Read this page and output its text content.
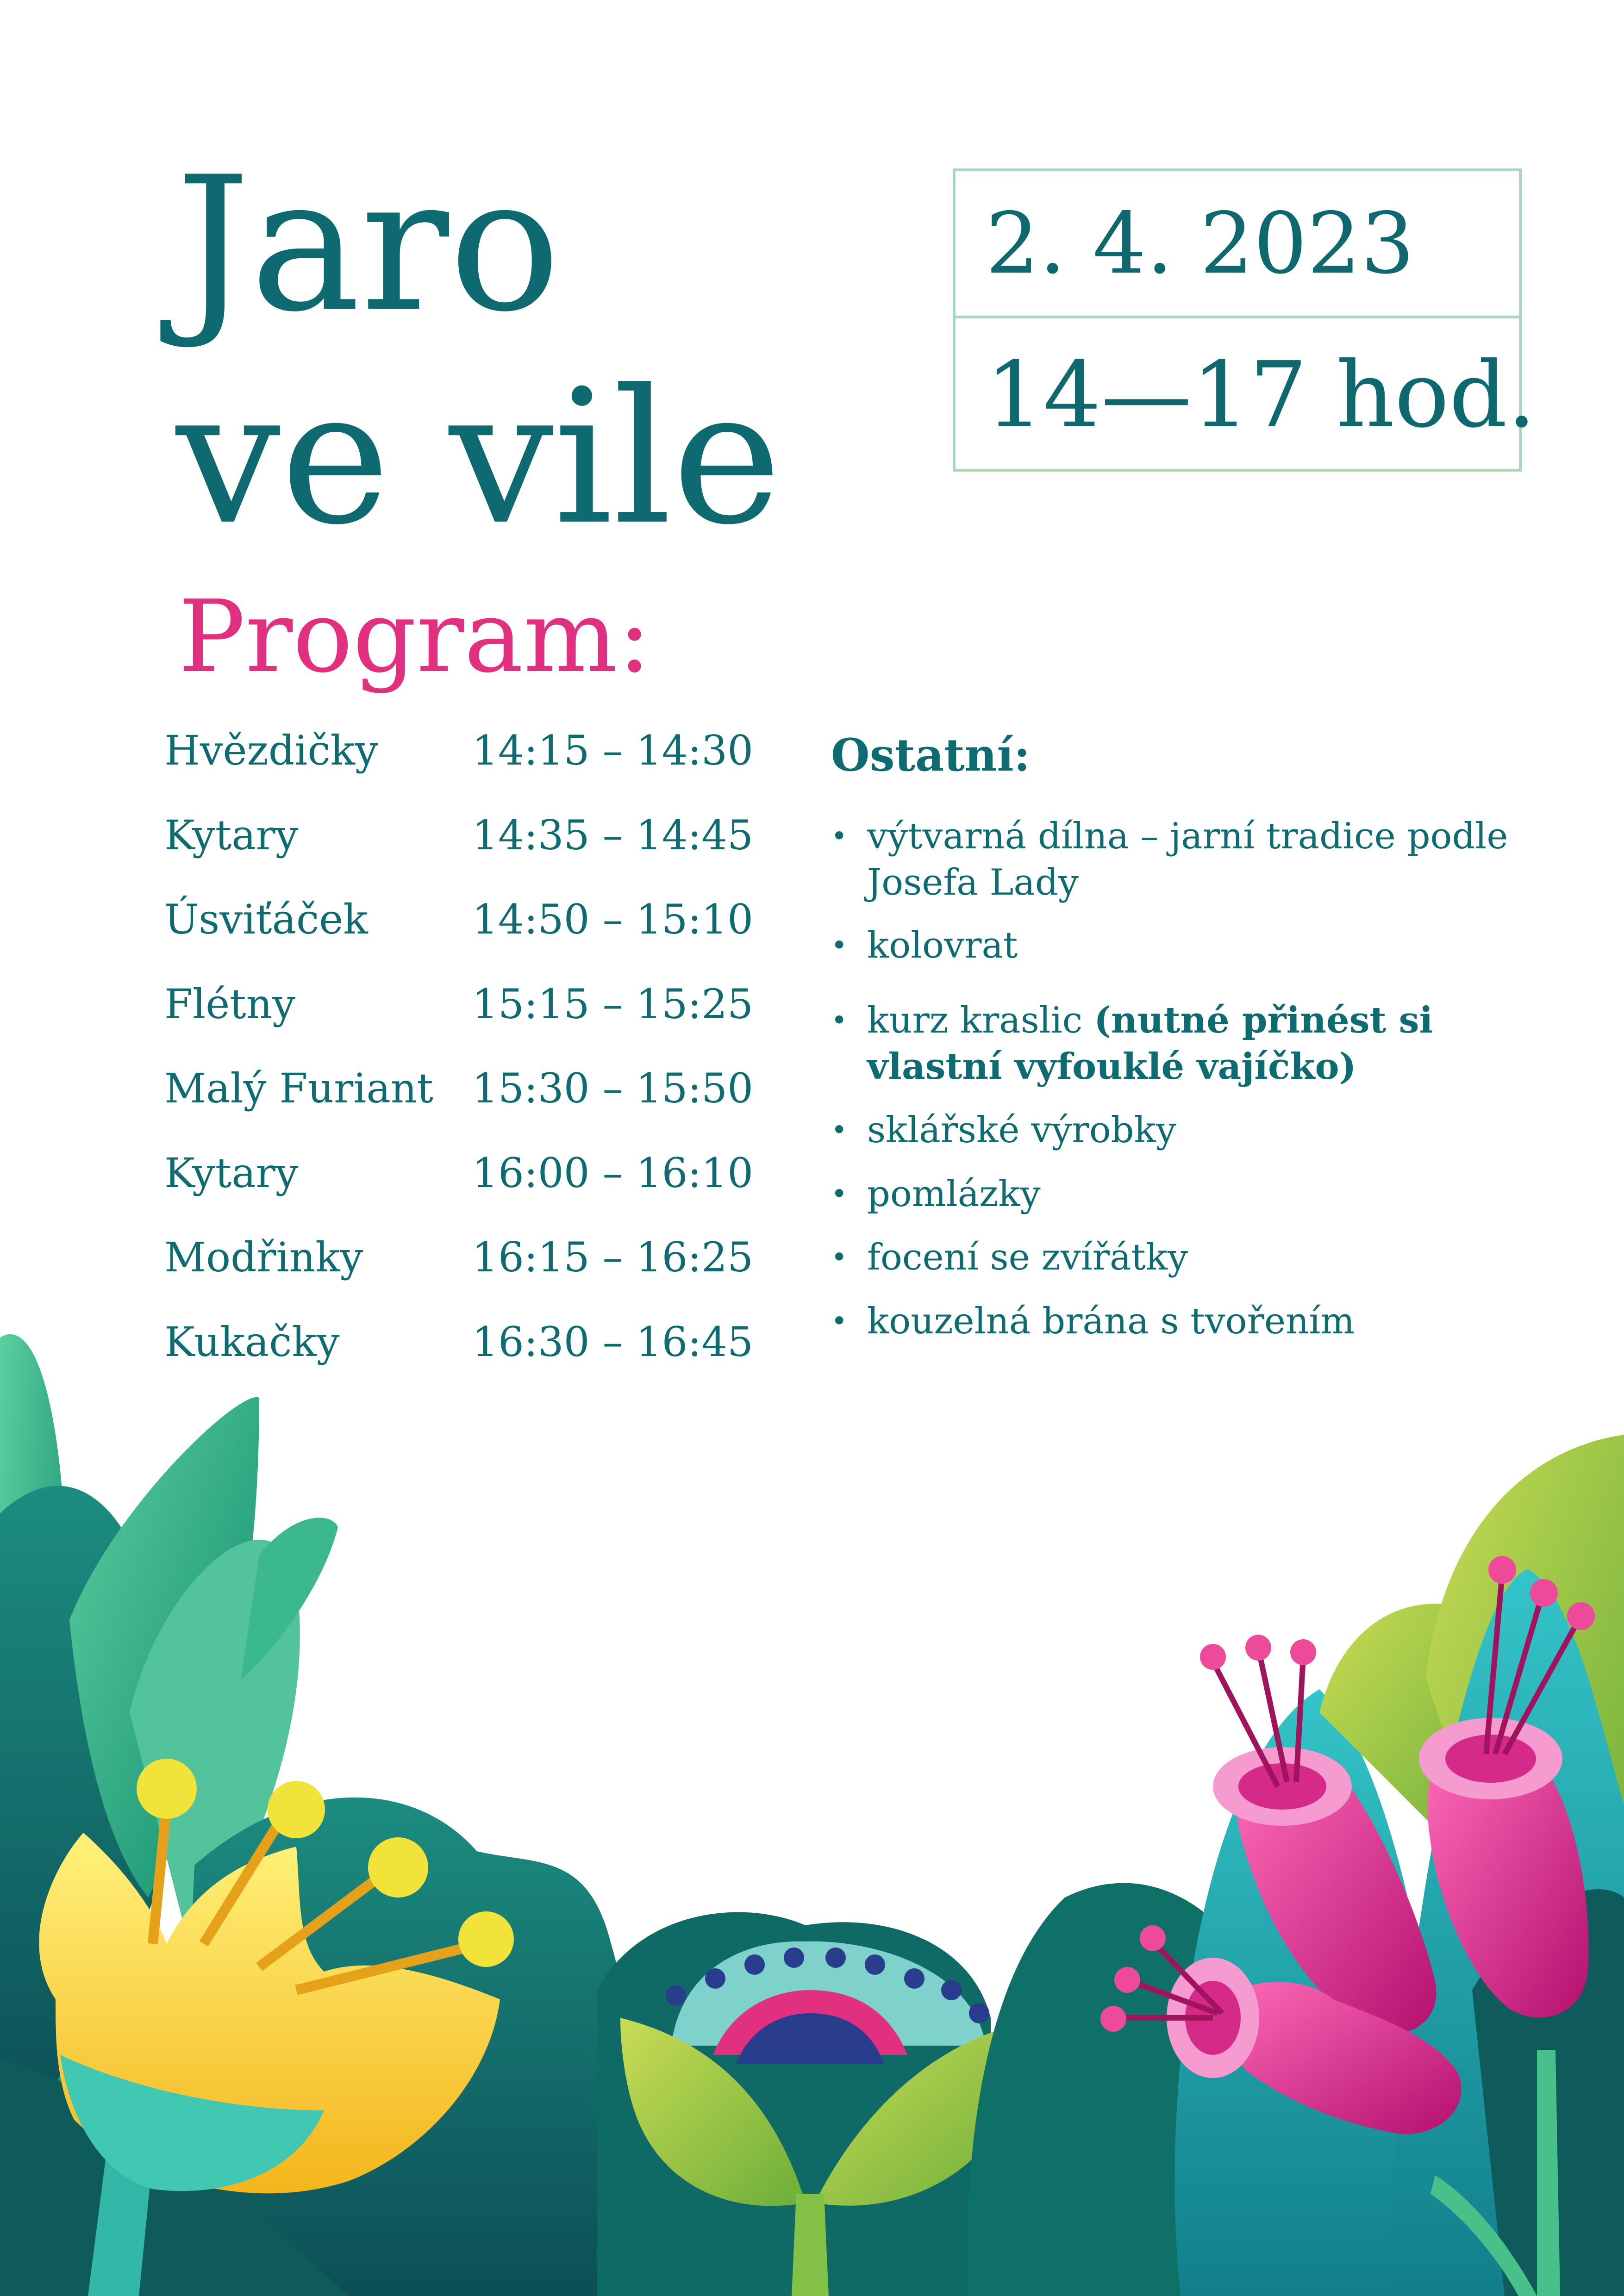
Jaro
ve vile
2. 4. 2023
14—17 hod.
Program:
Hvězdičky 14:15 – 14:30
Kytary	14:35 – 14:45
Úsviťáček	14:50 – 15:10
Flétny	15:15 – 15:25
Malý Furiant 15:30 – 15:50
Kytary	16:00 – 16:10
Modřinky	16:15 – 16:25
Kukačky	16:30 – 16:45
Ostatní:
• výtvarná dílna – jarní tradice podle Josefa Lady
• kolovrat
• kurz kraslic (nutné přinést si vlastní vyfouklé vajíčko)
• sklářské výrobky
• pomlázky
• focení se zvířátky
• kouzelná brána s tvořením
